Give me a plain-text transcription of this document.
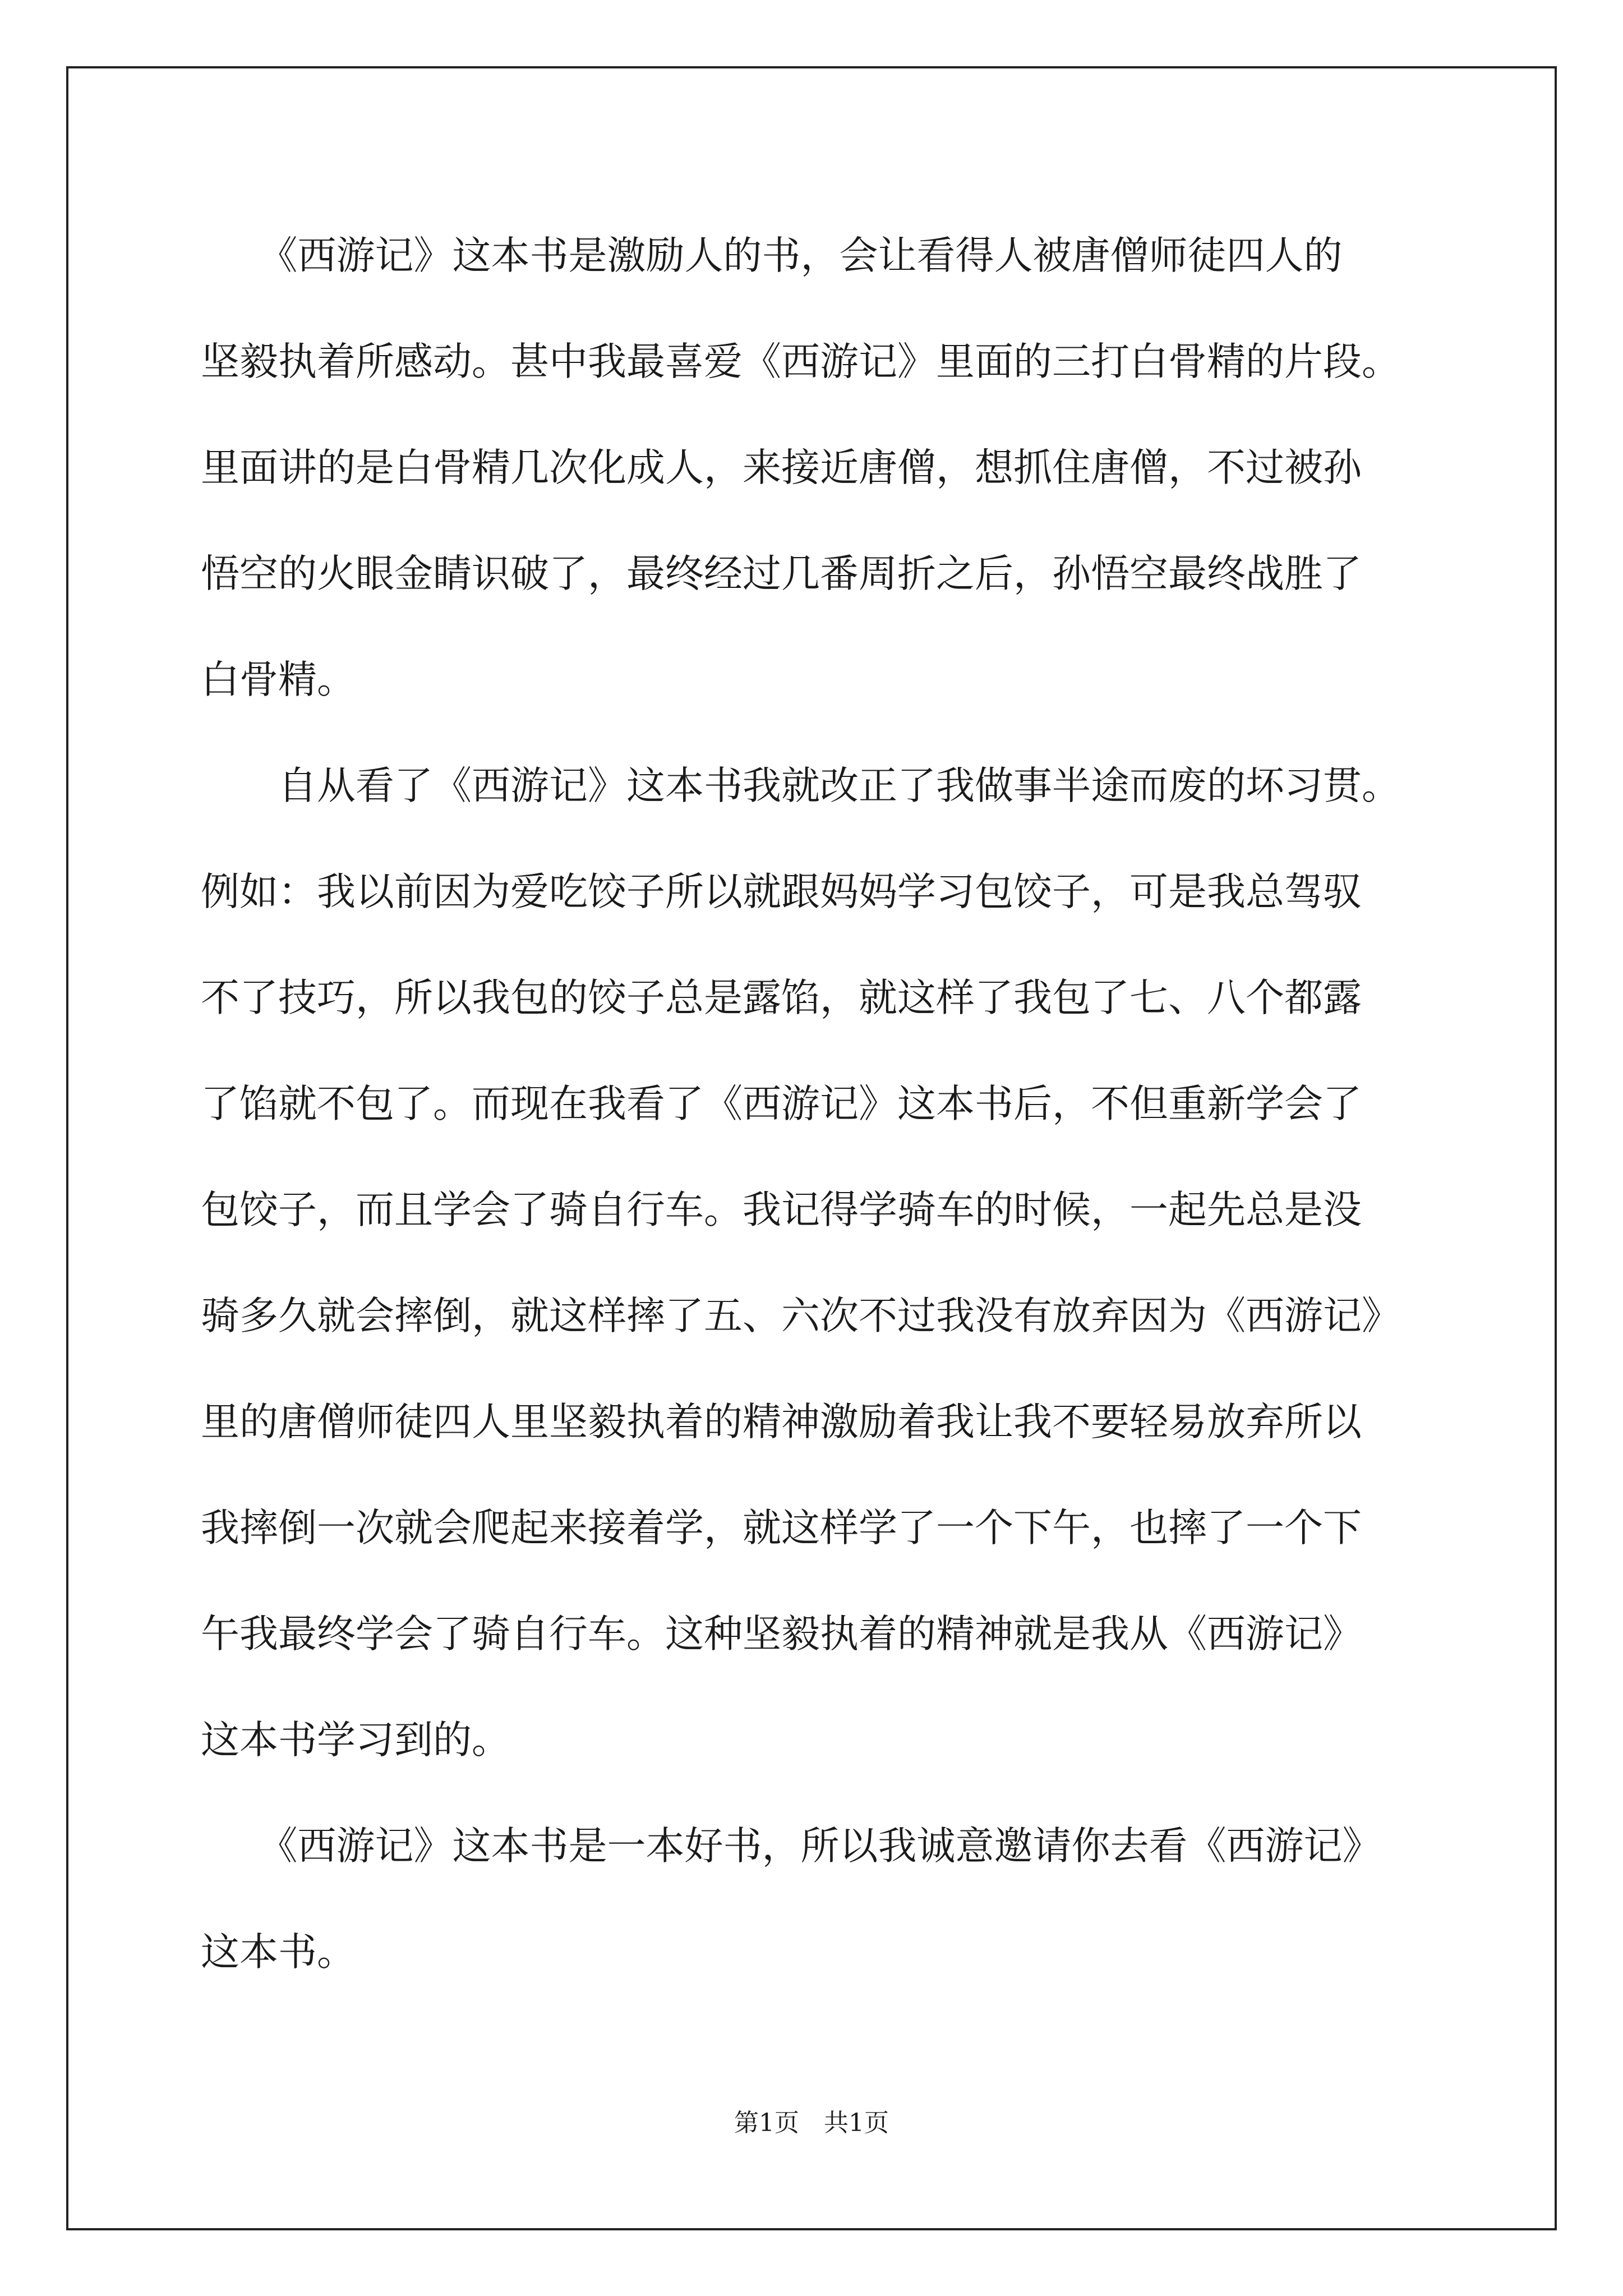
　　《西游记》这本书是激励人的书，会让看得人被唐僧师徒四人的
坚毅执着所感动。甚中我最喜爱《西游记》里面的三打白骨精的片段。
里面讲的是白骨精几次化成人，来接近唐僧，想抓住唐僧，不过被孙
悟空的火眼金睛识破了，最终经过几番周折之后，孙悟空最终战胜了
白骨精。
　　自从看了《西游记》这本书我就改正了我做事半途而废的坏习贯。
例如：我以前因为爱吃饺子所以就跟妈妈学习包饺子，可是我总驾驭
不了技巧，所以我包的饺子总是露馅，就这样了我包了七、八个都露
了馅就不包了。而现在我看了《西游记》这本书后，不但重新学会了
包饺子，而且学会了骑自行车。我记得学骑车的时候，一起先总是没
骑多久就会摔倒，就这样摔了五、六次不过我没有放弃因为《西游记》
里的唐僧师徒四人里坚毅执着的精神激励着我让我不要轻易放弃所以
我摔倒一次就会爬起来接着学，就这样学了一个下午，也摔了一个下
午我最终学会了骑自行车。这种坚毅执着的精神就是我从《西游记》
这本书学习到的。
　　《西游记》这本书是一本好书，所以我诚意邀请你去看《西游记》
这本书。
第1页　共1页
